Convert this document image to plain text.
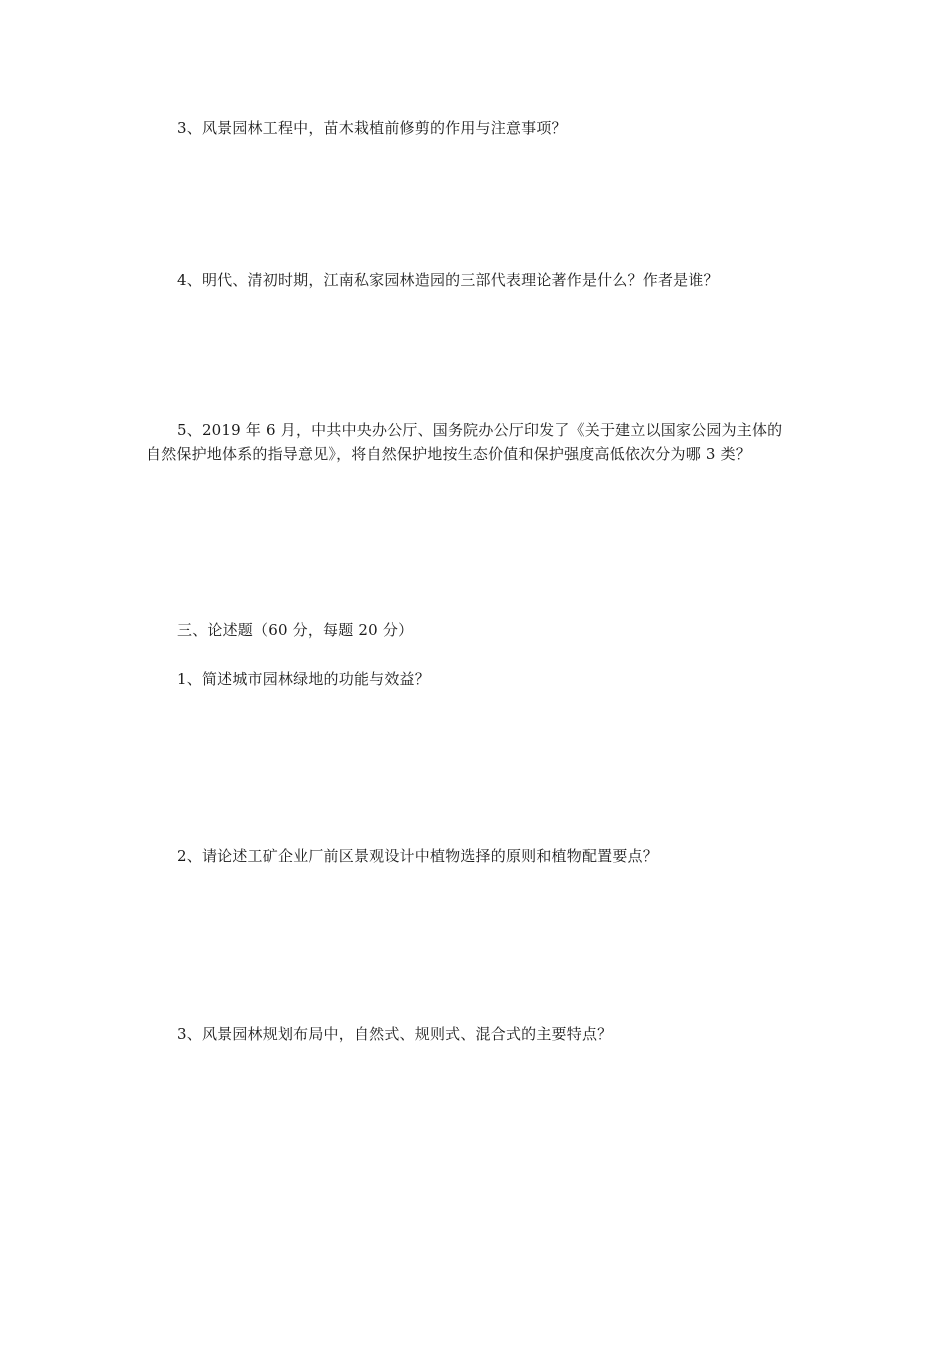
3、风景园林工程中，苗木栽植前修剪的作用与注意事项？
4、明代、清初时期，江南私家园林造园的三部代表理论著作是什么？作者是谁？
5、2019 年 6 月，中共中央办公厅、国务院办公厅印发了《关于建立以国家公园为主体的
自然保护地体系的指导意见》，将自然保护地按生态价值和保护强度高低依次分为哪 3 类？
三、论述题（60 分，每题 20 分）
1、简述城市园林绿地的功能与效益？
2、请论述工矿企业厂前区景观设计中植物选择的原则和植物配置要点？
3、风景园林规划布局中，自然式、规则式、混合式的主要特点？
